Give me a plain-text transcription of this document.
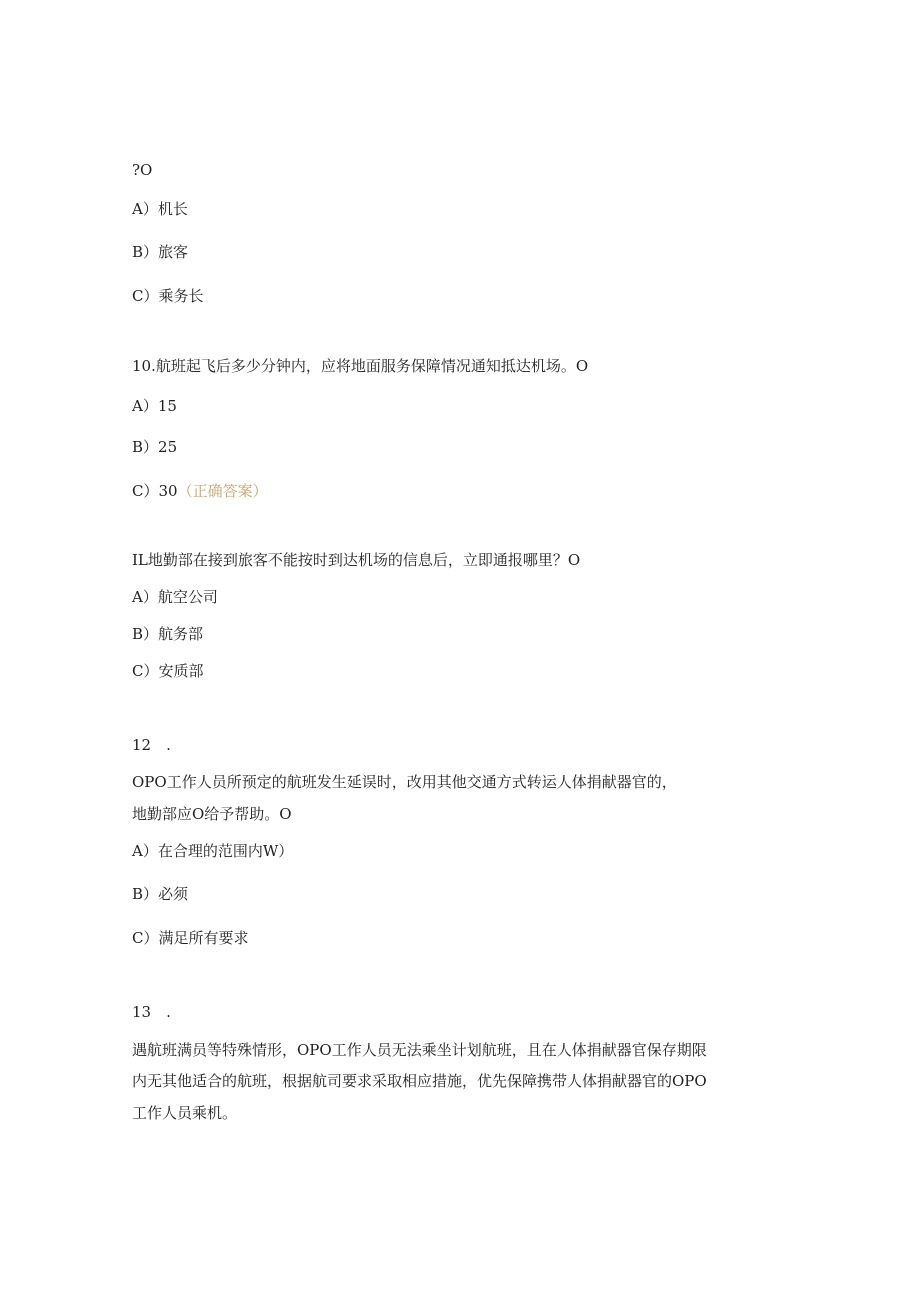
?O
A）机长
B）旅客
C）乘务长
10.航班起飞后多少分钟内，应将地面服务保障情况通知抵达机场。O
A）15
B）25
C）30（正确答案）
IL地勤部在接到旅客不能按时到达机场的信息后，立即通报哪里？O
A）航空公司
B）航务部
C）安质部
12　.
OPO工作人员所预定的航班发生延误时，改用其他交通方式转运人体捐献器官的，
地勤部应O给予帮助。O
A）在合理的范围内W）
B）必须
C）满足所有要求
13　.
遇航班满员等特殊情形，OPO工作人员无法乘坐计划航班，且在人体捐献器官保存期限
内无其他适合的航班，根据航司要求采取相应措施，优先保障携带人体捐献器官的OPO
工作人员乘机。
